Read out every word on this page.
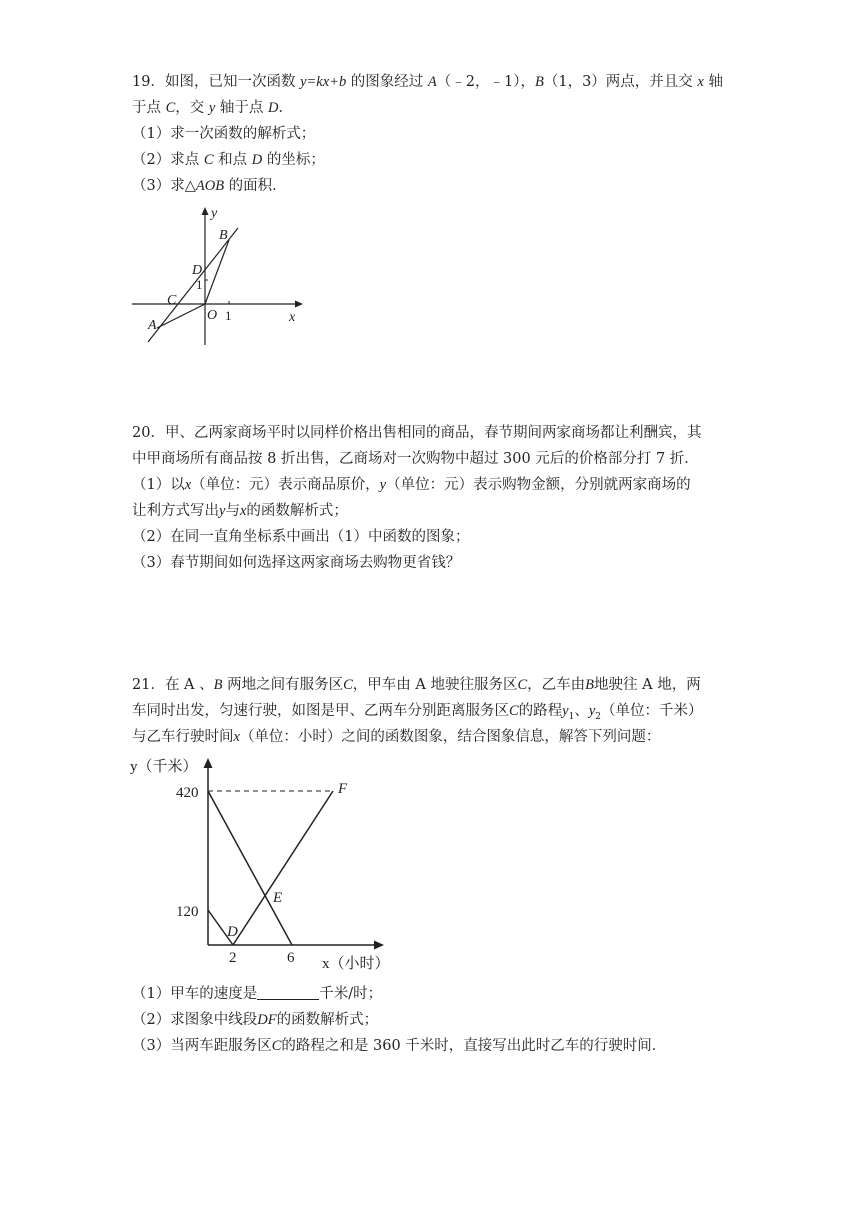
19．如图，已知一次函数 y=kx+b 的图象经过 A（﹣2，﹣1），B（1，3）两点，并且交 x 轴
于点 C，交 y 轴于点 D．
（1）求一次函数的解析式；
（2）求点 C 和点 D 的坐标；
（3）求△AOB 的面积．
y
x
O 1
1
A
B
C
D
20．甲、乙两家商场平时以同样价格出售相同的商品，春节期间两家商场都让利酬宾，其
中甲商场所有商品按 8 折出售，乙商场对一次购物中超过 300 元后的价格部分打 7 折．
（1）以x（单位：元）表示商品原价，y（单位：元）表示购物金额，分别就两家商场的
让利方式写出y与x的函数解析式；
（2）在同一直角坐标系中画出（1）中函数的图象；
（3）春节期间如何选择这两家商场去购物更省钱？
21．在 A 、B 两地之间有服务区C，甲车由 A 地驶往服务区C，乙车由B地驶往 A 地，两
车同时出发，匀速行驶，如图是甲、乙两车分别距离服务区C的路程$y_1$、$y_2$（单位：千米）
与乙车行驶时间x（单位：小时）之间的函数图象，结合图象信息，解答下列问题：
y（千米）
x（小时）
420
120
2	6
D
E
F
（1）甲车的速度是	千米/时；
（2）求图象中线段DF的函数解析式；
（3）当两车距服务区C的路程之和是 360 千米时，直接写出此时乙车的行驶时间．
